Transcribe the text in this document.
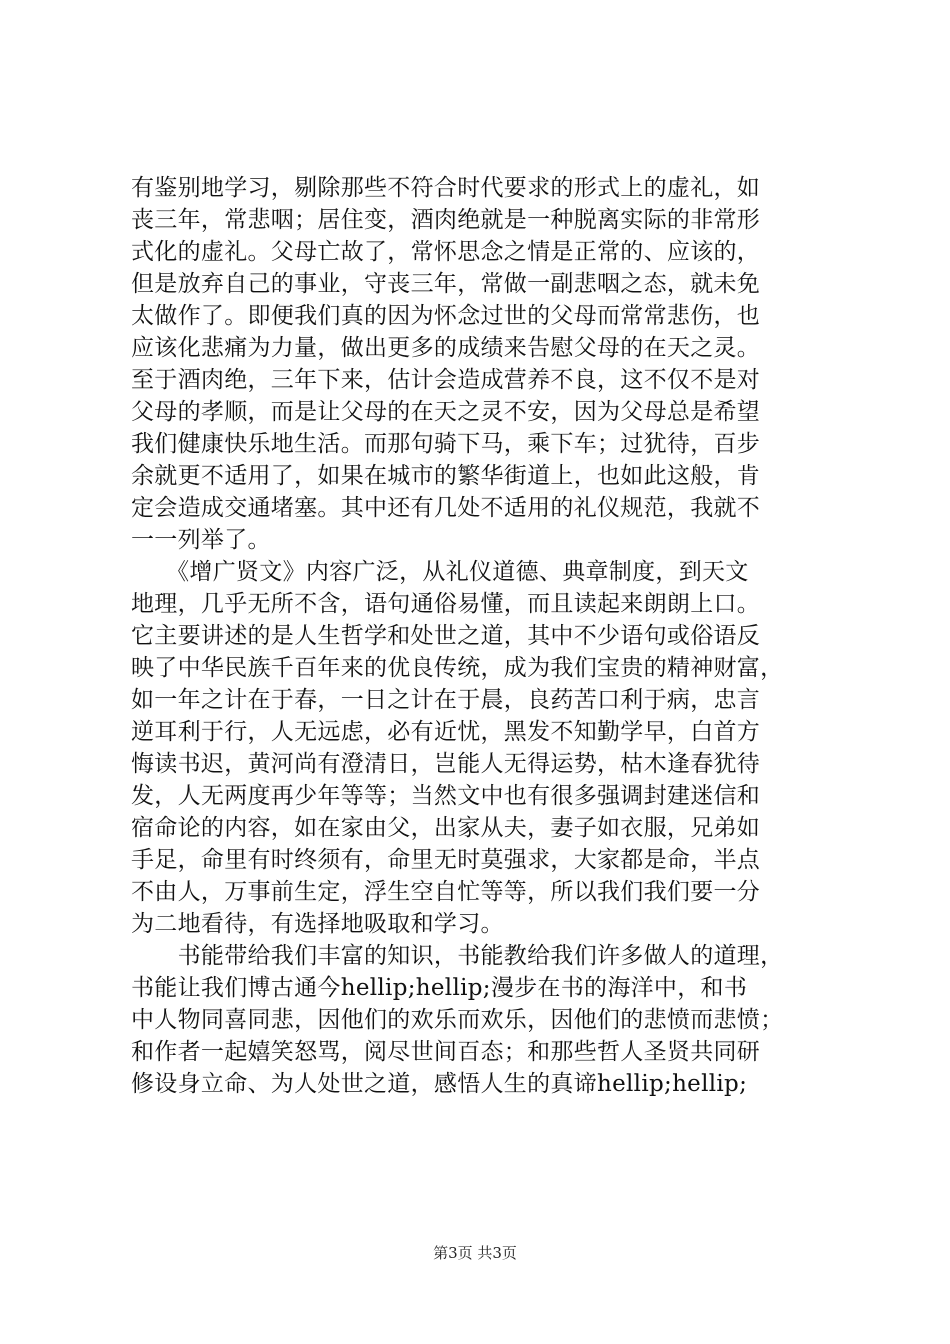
有鉴别地学习，剔除那些不符合时代要求的形式上的虚礼，如
丧三年，常悲咽；居住变，酒肉绝就是一种脱离实际的非常形
式化的虚礼。父母亡故了，常怀思念之情是正常的、应该的，
但是放弃自己的事业，守丧三年，常做一副悲咽之态，就未免
太做作了。即便我们真的因为怀念过世的父母而常常悲伤，也
应该化悲痛为力量，做出更多的成绩来告慰父母的在天之灵。
至于酒肉绝，三年下来，估计会造成营养不良，这不仅不是对
父母的孝顺，而是让父母的在天之灵不安，因为父母总是希望
我们健康快乐地生活。而那句骑下马，乘下车；过犹待，百步
余就更不适用了，如果在城市的繁华街道上，也如此这般，肯
定会造成交通堵塞。其中还有几处不适用的礼仪规范，我就不
一一列举了。
　　《增广贤文》内容广泛，从礼仪道德、典章制度，到天文
地理，几乎无所不含，语句通俗易懂，而且读起来朗朗上口。
它主要讲述的是人生哲学和处世之道，其中不少语句或俗语反
映了中华民族千百年来的优良传统，成为我们宝贵的精神财富，
如一年之计在于春，一日之计在于晨，良药苦口利于病，忠言
逆耳利于行，人无远虑，必有近忧，黑发不知勤学早，白首方
悔读书迟，黄河尚有澄清日，岂能人无得运势，枯木逢春犹待
发，人无两度再少年等等；当然文中也有很多强调封建迷信和
宿命论的内容，如在家由父，出家从夫，妻子如衣服，兄弟如
手足，命里有时终须有，命里无时莫强求，大家都是命，半点
不由人，万事前生定，浮生空自忙等等，所以我们我们要一分
为二地看待，有选择地吸取和学习。
　　书能带给我们丰富的知识，书能教给我们许多做人的道理，
书能让我们博古通今hellip;hellip;漫步在书的海洋中，和书
中人物同喜同悲，因他们的欢乐而欢乐，因他们的悲愤而悲愤；
和作者一起嬉笑怒骂，阅尽世间百态；和那些哲人圣贤共同研
修设身立命、为人处世之道，感悟人生的真谛hellip;hellip;
第3页 共3页
